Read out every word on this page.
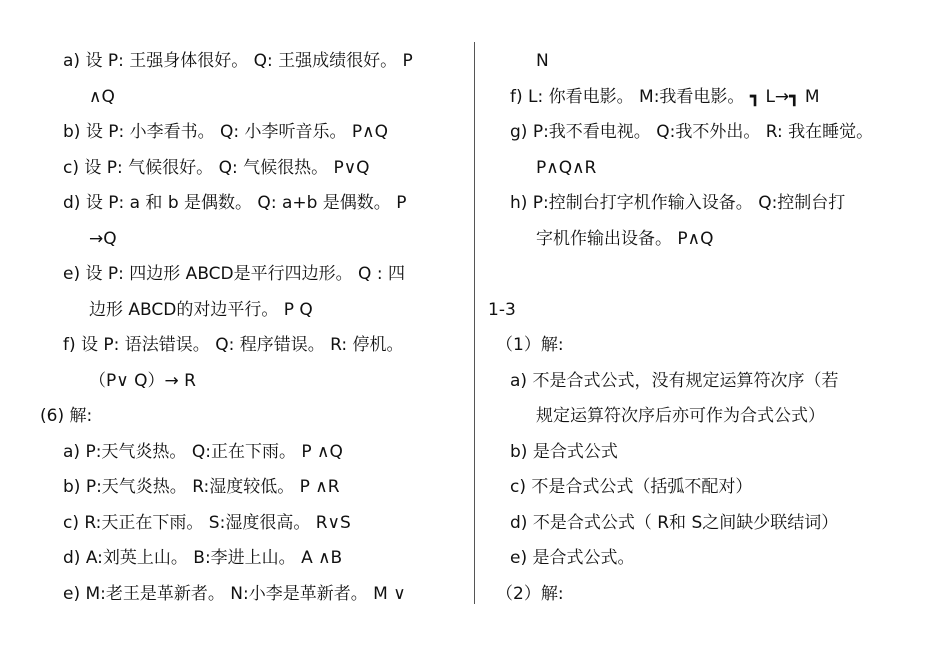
a) 设 P: 王强身体很好。 Q: 王强成绩很好。 P
∧Q
b) 设 P: 小李看书。 Q: 小李听音乐。 P∧Q
c) 设 P: 气候很好。 Q: 气候很热。 P∨Q
d) 设 P: a 和 b 是偶数。 Q: a+b 是偶数。 P
→Q
e) 设 P: 四边形 ABCD是平行四边形。 Q : 四
边形 ABCD的对边平行。 P Q
f) 设 P: 语法错误。 Q: 程序错误。 R: 停机。
（P∨ Q）→ R
(6) 解:
a) P:天气炎热。 Q:正在下雨。 P ∧Q
b) P:天气炎热。 R:湿度较低。 P ∧R
c) R:天正在下雨。 S:湿度很高。 R∨S
d) A:刘英上山。 B:李进上山。 A ∧B
e) M:老王是革新者。 N:小李是革新者。 M ∨
N
f) L: 你看电影。 M:我看电影。 ┓ L→┓ M
g) P:我不看电视。 Q:我不外出。 R: 我在睡觉。
P∧Q∧R
h) P:控制台打字机作输入设备。 Q:控制台打
字机作输出设备。 P∧Q
1-3
（1）解:
a) 不是合式公式，没有规定运算符次序（若
规定运算符次序后亦可作为合式公式）
b) 是合式公式
c) 不是合式公式（括弧不配对）
d) 不是合式公式（ R和 S之间缺少联结词）
e) 是合式公式。
（2）解:
